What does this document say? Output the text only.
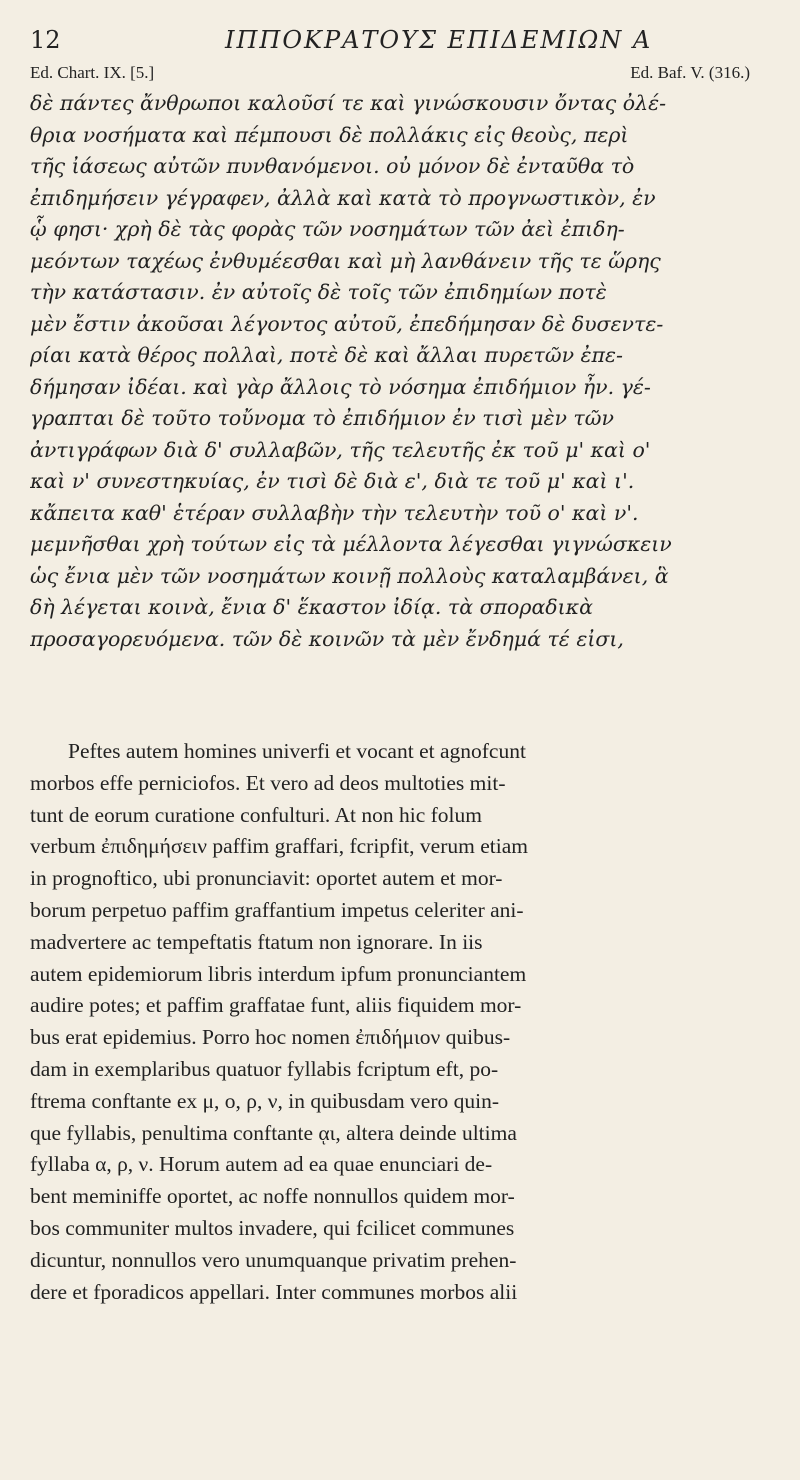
12	ΙΠΠΟΚΡΑΤΟΥΣ ΕΠΙΔΕΜΙΩΝ Α
Ed. Chart. IX. [5.]	Ed. Baf. V. (316.)
δὲ πάντες ἄνθρωποι καλοῦσί τε καὶ γινώσκουσιν ὄντας ὀλέ-
θρια νοσήματα καὶ πέμπουσι δὲ πολλάκις εἰς θεοὺς, περὶ
τῆς ἰάσεως αὐτῶν πυνθανόμενοι. οὐ μόνον δὲ ἐνταῦθα τὸ
ἐπιδημήσειν γέγραφεν, ἀλλὰ καὶ κατὰ τὸ προγνωστικὸν, ἐν
ᾧ φησι· χρὴ δὲ τὰς φορὰς τῶν νοσημάτων τῶν ἀεὶ ἐπιδη-
μεόντων ταχέως ἐνθυμέεσθαι καὶ μὴ λανθάνειν τῆς τε ὥρης
τὴν κατάστασιν. ἐν αὐτοῖς δὲ τοῖς τῶν ἐπιδημίων ποτὲ
μὲν ἔστιν ἀκοῦσαι λέγοντος αὐτοῦ, ἐπεδήμησαν δὲ δυσεντε-
ρίαι κατὰ θέρος πολλαὶ, ποτὲ δὲ καὶ ἄλλαι πυρετῶν ἐπε-
δήμησαν ἰδέαι. καὶ γὰρ ἄλλοις τὸ νόσημα ἐπιδήμιον ἦν. γέ-
γραπται δὲ τοῦτο τοὔνομα τὸ ἐπιδήμιον ἐν τισὶ μὲν τῶν
ἀντιγράφων διὰ δ' συλλαβῶν, τῆς τελευτῆς ἐκ τοῦ μ' καὶ ο'
καὶ ν' συνεστηκυίας, ἐν τισὶ δὲ διὰ ε', διὰ τε τοῦ μ' καὶ ι'.
κἄπειτα καθ' ἑτέραν συλλαβὴν τὴν τελευτὴν τοῦ ο' καὶ ν'.
μεμνῆσθαι χρὴ τούτων εἰς τὰ μέλλοντα λέγεσθαι γιγνώσκειν
ὡς ἔνια μὲν τῶν νοσημάτων κοινῇ πολλοὺς καταλαμβάνει, ἃ
δὴ λέγεται κοινὰ, ἔνια δ' ἕκαστον ἰδίᾳ. τὰ σποραδικὰ
προσαγορευόμενα. τῶν δὲ κοινῶν τὰ μὲν ἔνδημά τέ εἰσι,
Peftes autem homines univerfi et vocant et agnofcunt
morbos effe perniciofos. Et vero ad deos multoties mit-
tunt de eorum curatione confulturi. At non hic folum
verbum ἐπιδημήσειν paffim graffari, fcripfit, verum etiam
in prognoftico, ubi pronunciavit: oportet autem et mor-
borum perpetuo paffim graffantium impetus celeriter ani-
madvertere ac tempeftatis ftatum non ignorare. In iis
autem epidemiorum libris interdum ipfum pronunciantem
audire potes; et paffim graffatae funt, aliis fiquidem mor-
bus erat epidemius. Porro hoc nomen ἐπιδήμιον quibus-
dam in exemplaribus quatuor fyllabis fcriptum eft, po-
ftrema conftante ex μ, ο, ρ, ν, in quibusdam vero quin-
que fyllabis, penultima conftante ᾳι, altera deinde ultima
fyllaba α, ρ, ν. Horum autem ad ea quae enunciari de-
bent meminiffe oportet, ac noffe nonnullos quidem mor-
bos communiter multos invadere, qui fcilicet communes
dicuntur, nonnullos vero unumquanque privatim prehen-
dere et fporadicos appellari. Inter communes morbos alii
